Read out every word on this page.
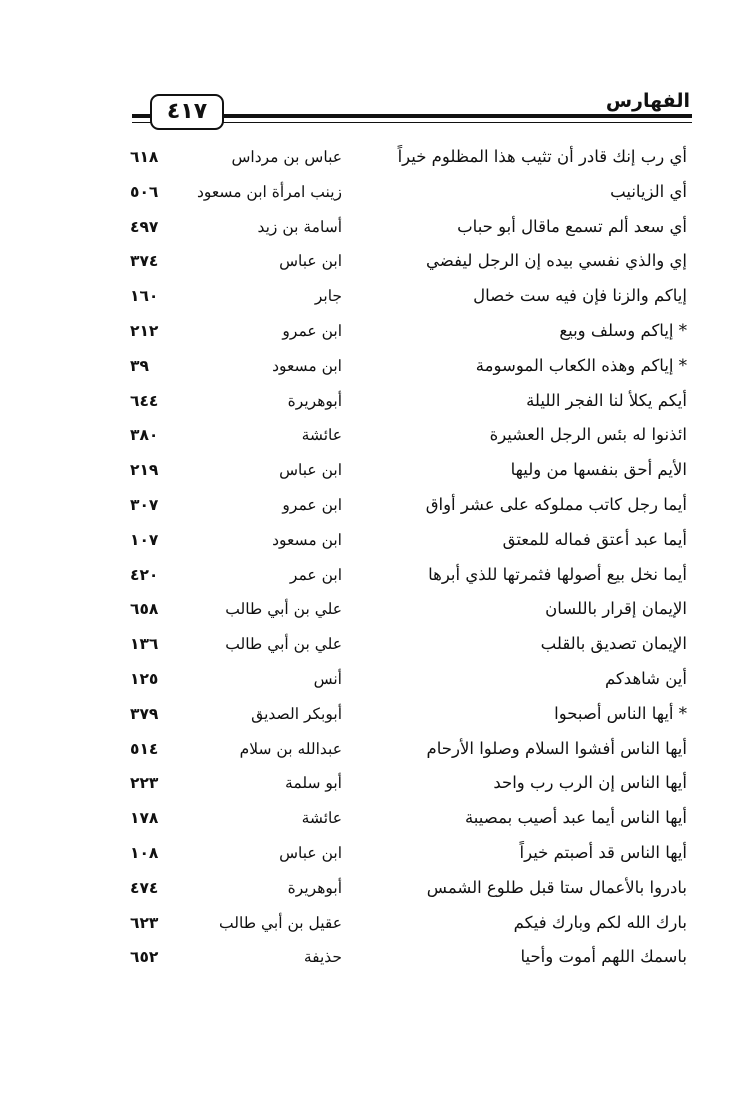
٤١٧	الفهارس
أي رب إنك قادر أن تثيب هذا المظلوم خيراً
عباس بن مرداس
٦١٨
أي الزيانيب
زينب امرأة ابن مسعود
٥٠٦
أي سعد ألم تسمع ماقال أبو حباب
أسامة بن زيد
٤٩٧
إي والذي نفسي بيده إن الرجل ليفضي
ابن عباس
٣٧٤
إياكم والزنا فإن فيه ست خصال
جابر
١٦٠
* إياكم وسلف وبيع
ابن عمرو
٢١٢
* إياكم وهذه الكعاب الموسومة
ابن مسعود
٣٩
أيكم يكلأ لنا الفجر الليلة
أبوهريرة
٦٤٤
ائذنوا له بئس الرجل العشيرة
عائشة
٣٨٠
الأيم أحق بنفسها من وليها
ابن عباس
٢١٩
أيما رجل كاتب مملوكه على عشر أواق
ابن عمرو
٣٠٧
أيما عبد أعتق فماله للمعتق
ابن مسعود
١٠٧
أيما نخل بيع أصولها فثمرتها للذي أبرها
ابن عمر
٤٢٠
الإيمان إقرار باللسان
علي بن أبي طالب
٦٥٨
الإيمان تصديق بالقلب
علي بن أبي طالب
١٣٦
أين شاهدكم
أنس
١٢٥
* أيها الناس أصبحوا
أبوبكر الصديق
٣٧٩
أيها الناس أفشوا السلام وصلوا الأرحام
عبدالله بن سلام
٥١٤
أيها الناس إن الرب رب واحد
أبو سلمة
٢٢٣
أيها الناس أيما عبد أصيب بمصيبة
عائشة
١٧٨
أيها الناس قد أصبتم خيراً
ابن عباس
١٠٨
بادروا بالأعمال ستا قبل طلوع الشمس
أبوهريرة
٤٧٤
بارك الله لكم وبارك فيكم
عقيل بن أبي طالب
٦٢٣
باسمك اللهم أموت وأحيا
حذيفة
٦٥٢
